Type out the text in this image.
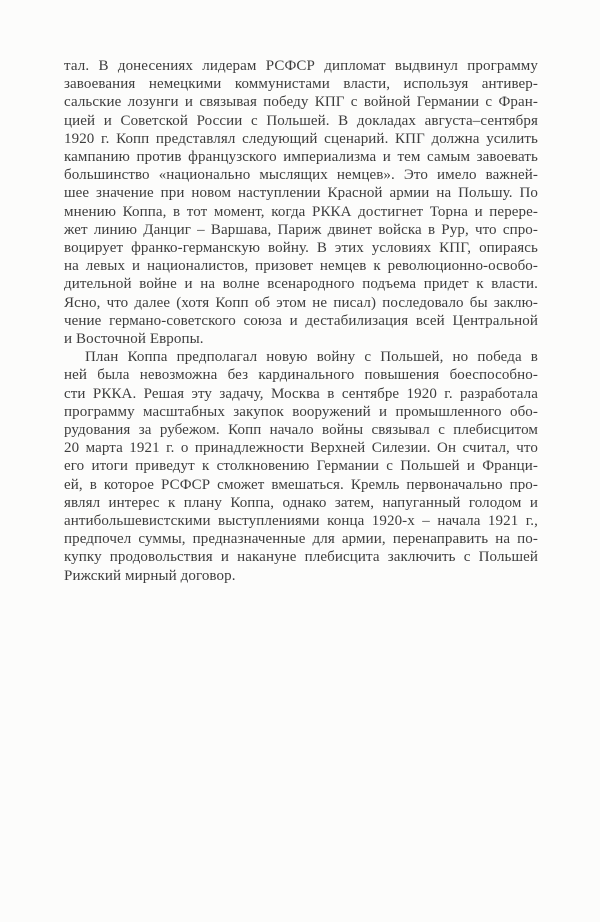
тал. В донесениях лидерам РСФСР дипломат выдвинул программу
завоевания немецкими коммунистами власти, используя антивер-
сальские лозунги и связывая победу КПГ с войной Германии с Фран-
цией и Советской России с Польшей. В докладах августа–сентября
1920 г. Копп представлял следующий сценарий. КПГ должна усилить
кампанию против французского империализма и тем самым завоевать
большинство «национально мыслящих немцев». Это имело важней-
шее значение при новом наступлении Красной армии на Польшу. По
мнению Коппа, в тот момент, когда РККА достигнет Торна и перере-
жет линию Данциг – Варшава, Париж двинет войска в Рур, что спро-
воцирует франко-германскую войну. В этих условиях КПГ, опираясь
на левых и националистов, призовет немцев к революционно-освобо-
дительной войне и на волне всенародного подъема придет к власти.
Ясно, что далее (хотя Копп об этом не писал) последовало бы заклю-
чение германо-советского союза и дестабилизация всей Центральной
и Восточной Европы.
План Коппа предполагал новую войну с Польшей, но победа в
ней была невозможна без кардинального повышения боеспособно-
сти РККА. Решая эту задачу, Москва в сентябре 1920 г. разработала
программу масштабных закупок вооружений и промышленного обо-
рудования за рубежом. Копп начало войны связывал с плебисцитом
20 марта 1921 г. о принадлежности Верхней Силезии. Он считал, что
его итоги приведут к столкновению Германии с Польшей и Франци-
ей, в которое РСФСР сможет вмешаться. Кремль первоначально про-
являл интерес к плану Коппа, однако затем, напуганный голодом и
антибольшевистскими выступлениями конца 1920-х – начала 1921 г.,
предпочел суммы, предназначенные для армии, перенаправить на по-
купку продовольствия и накануне плебисцита заключить с Польшей
Рижский мирный договор.
